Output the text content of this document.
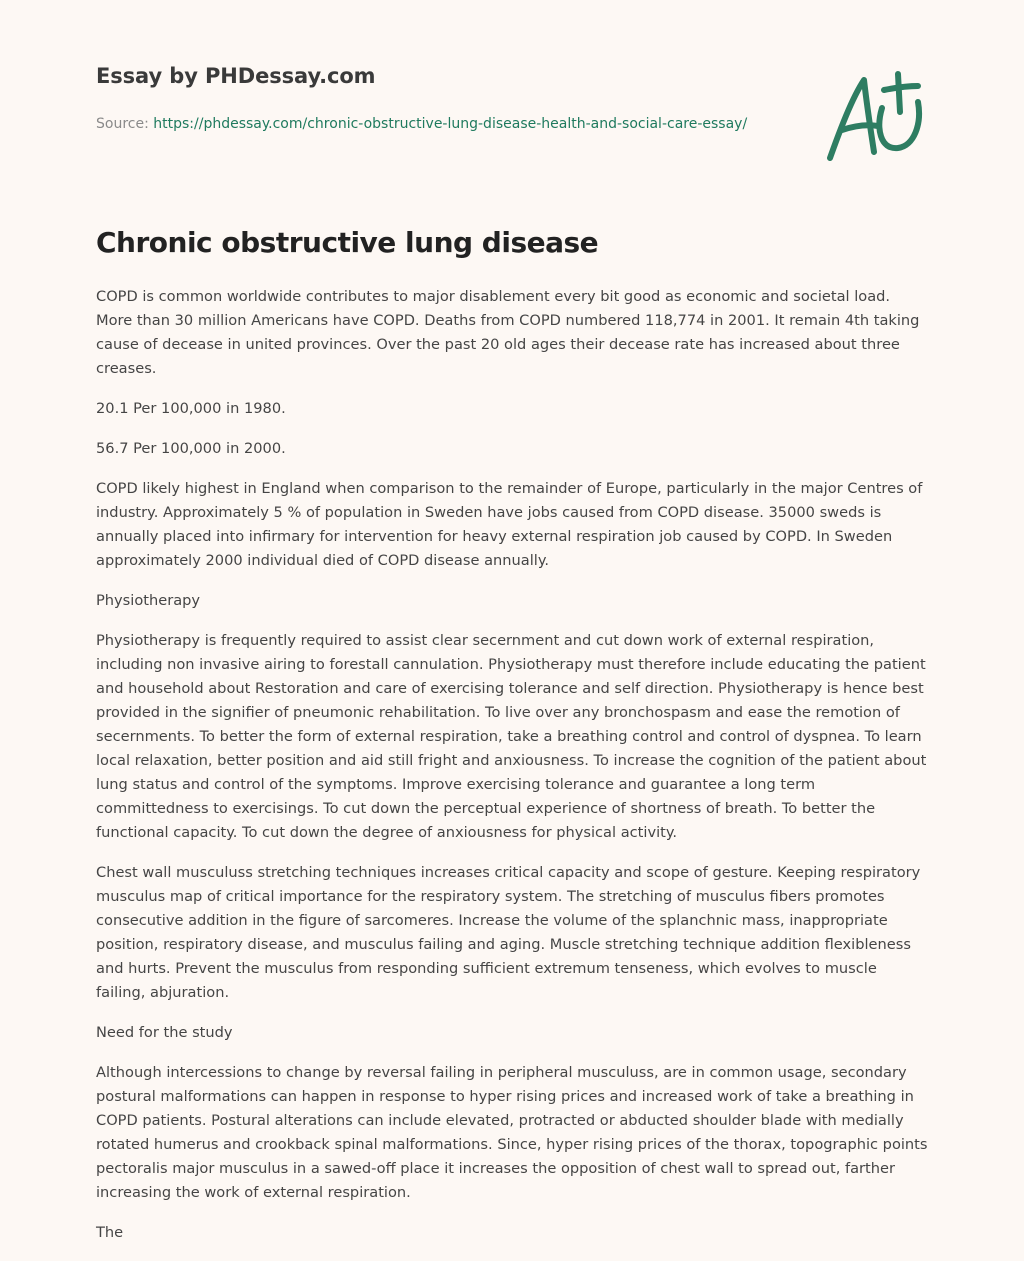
Essay by PHDessay.com
Source: https://phdessay.com/chronic-obstructive-lung-disease-health-and-social-care-essay/
Chronic obstructive lung disease

COPD is common worldwide contributes to major disablement every bit good as economic and societal load. More than 30 million Americans have COPD. Deaths from COPD numbered 118,774 in 2001. It remain 4th taking cause of decease in united provinces. Over the past 20 old ages their decease rate has increased about three creases.

20.1 Per 100,000 in 1980.

56.7 Per 100,000 in 2000.

COPD likely highest in England when comparison to the remainder of Europe, particularly in the major Centres of industry. Approximately 5 % of population in Sweden have jobs caused from COPD disease. 35000 sweds is annually placed into infirmary for intervention for heavy external respiration job caused by COPD. In Sweden approximately 2000 individual died of COPD disease annually.

Physiotherapy

Physiotherapy is frequently required to assist clear secernment and cut down work of external respiration, including non invasive airing to forestall cannulation. Physiotherapy must therefore include educating the patient and household about Restoration and care of exercising tolerance and self direction. Physiotherapy is hence best provided in the signifier of pneumonic rehabilitation. To live over any bronchospasm and ease the remotion of secernments. To better the form of external respiration, take a breathing control and control of dyspnea. To learn local relaxation, better position and aid still fright and anxiousness. To increase the cognition of the patient about lung status and control of the symptoms. Improve exercising tolerance and guarantee a long term committedness to exercisings. To cut down the perceptual experience of shortness of breath. To better the functional capacity. To cut down the degree of anxiousness for physical activity.

Chest wall musculuss stretching techniques increases critical capacity and scope of gesture. Keeping respiratory musculus map of critical importance for the respiratory system. The stretching of musculus fibers promotes consecutive addition in the figure of sarcomeres. Increase the volume of the splanchnic mass, inappropriate position, respiratory disease, and musculus failing and aging. Muscle stretching technique addition flexibleness and hurts. Prevent the musculus from responding sufficient extremum tenseness, which evolves to muscle failing, abjuration.

Need for the study

Although intercessions to change by reversal failing in peripheral musculuss, are in common usage, secondary postural malformations can happen in response to hyper rising prices and increased work of take a breathing in COPD patients. Postural alterations can include elevated, protracted or abducted shoulder blade with medially rotated humerus and crookback spinal malformations. Since, hyper rising prices of the thorax, topographic points pectoralis major musculus in a sawed-off place it increases the opposition of chest wall to spread out, farther increasing the work of external respiration.

The
